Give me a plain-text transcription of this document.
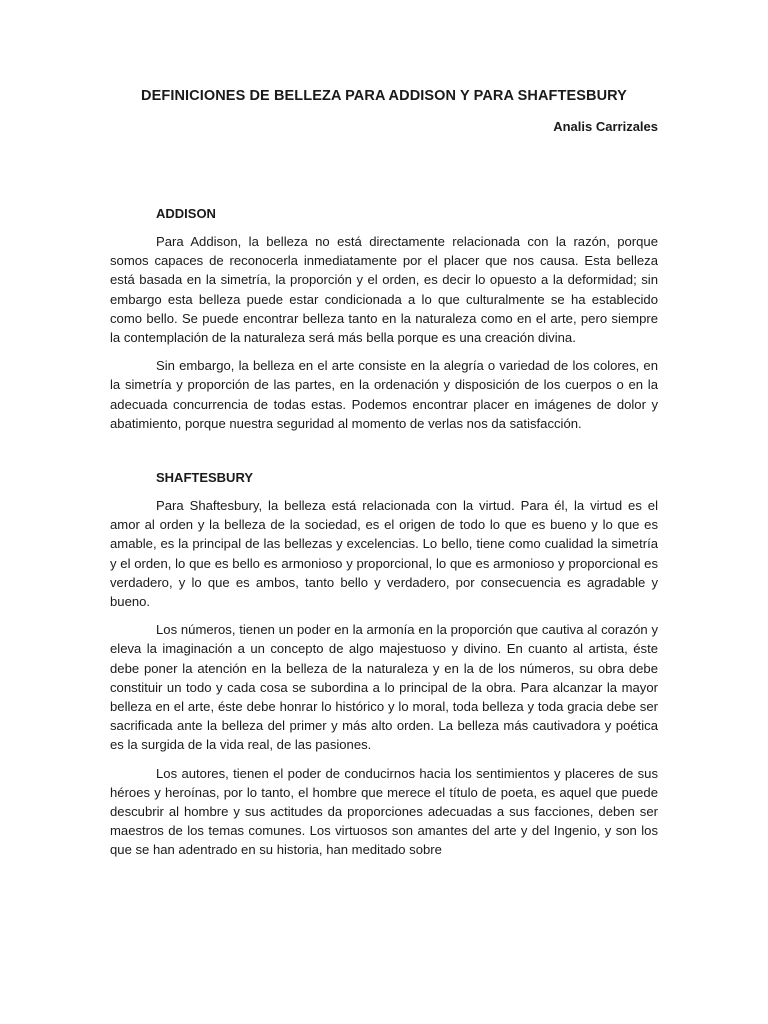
DEFINICIONES DE BELLEZA PARA ADDISON Y PARA SHAFTESBURY

Analis Carrizales

ADDISON

Para Addison, la belleza no está directamente relacionada con la razón, porque somos capaces de reconocerla inmediatamente por el placer que nos causa. Esta belleza está basada en la simetría, la proporción y el orden, es decir lo opuesto a la deformidad; sin embargo esta belleza puede estar condicionada a lo que culturalmente se ha establecido como bello. Se puede encontrar belleza tanto en la naturaleza como en el arte, pero siempre la contemplación de la naturaleza será más bella porque es una creación divina.

Sin embargo, la belleza en el arte consiste en la alegría o variedad de los colores, en la simetría y proporción de las partes, en la ordenación y disposición de los cuerpos o en la adecuada concurrencia de todas estas. Podemos encontrar placer en imágenes de dolor y abatimiento, porque nuestra seguridad al momento de verlas nos da satisfacción.

SHAFTESBURY

Para Shaftesbury, la belleza está relacionada con la virtud. Para él, la virtud es el amor al orden y la belleza de la sociedad, es el origen de todo lo que es bueno y lo que es amable, es la principal de las bellezas y excelencias. Lo bello, tiene como cualidad la simetría y el orden, lo que es bello es armonioso y proporcional, lo que es armonioso y proporcional es verdadero, y lo que es ambos, tanto bello y verdadero, por consecuencia es agradable y bueno.

Los números, tienen un poder en la armonía en la proporción que cautiva al corazón y eleva la imaginación a un concepto de algo majestuoso y divino. En cuanto al artista, éste debe poner la atención en la belleza de la naturaleza y en la de los números, su obra debe constituir un todo y cada cosa se subordina a lo principal de la obra. Para alcanzar la mayor belleza en el arte, éste debe honrar lo histórico y lo moral, toda belleza y toda gracia debe ser sacrificada ante la belleza del primer y más alto orden. La belleza más cautivadora y poética es la surgida de la vida real, de las pasiones.

Los autores, tienen el poder de conducirnos hacia los sentimientos y placeres de sus héroes y heroínas, por lo tanto, el hombre que merece el título de poeta, es aquel que puede descubrir al hombre y sus actitudes da proporciones adecuadas a sus facciones, deben ser maestros de los temas comunes. Los virtuosos son amantes del arte y del Ingenio, y son los que se han adentrado en su historia, han meditado sobre
